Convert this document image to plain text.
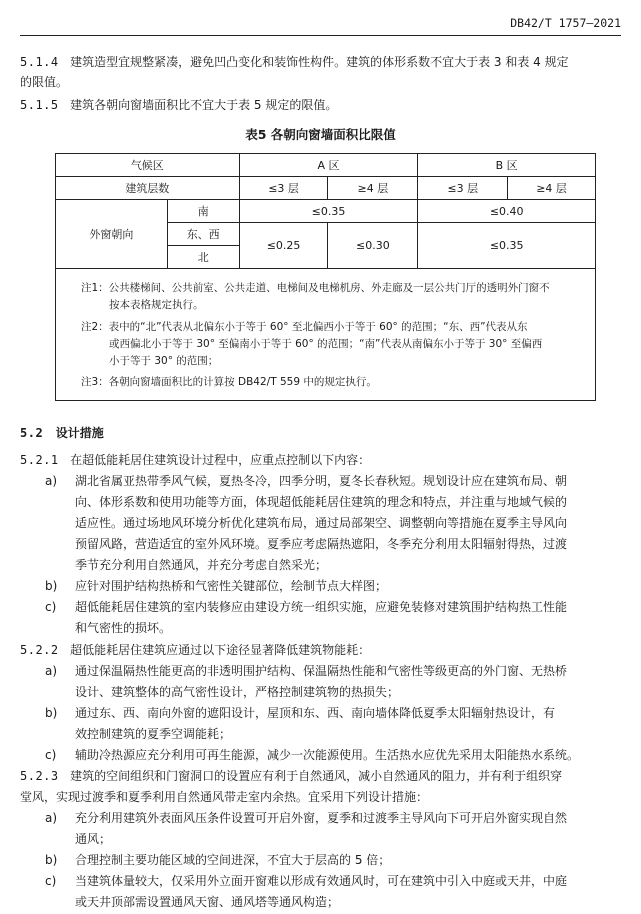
DB42/T 1757—2021
5.1.4 建筑造型宜规整紧凑，避免凹凸变化和装饰性构件。建筑的体形系数不宜大于表 3 和表 4 规定
的限值。
5.1.5 建筑各朝向窗墙面积比不宜大于表 5 规定的限值。
表5 各朝向窗墙面积比限值
气候区		A 区		B 区	
建筑层数		≤3 层	≥4 层	≤3 层	≥4 层
外窗朝向	南	≤0.35		≤0.40	
	东、西	≤0.25	≤0.30	≤0.35	
	北				
注1：公共楼梯间、公共前室、公共走道、电梯间及电梯机房、外走廊及一层公共门厅的透明外门窗不
按本表格规定执行。
注2：表中的“北”代表从北偏东小于等于 60° 至北偏西小于等于 60° 的范围；“东、西”代表从东
或西偏北小于等于 30° 至偏南小于等于 60° 的范围；“南”代表从南偏东小于等于 30° 至偏西
小于等于 30° 的范围；
注3：各朝向窗墙面积比的计算按 DB42/T 559 中的规定执行。
5.2 设计措施
5.2.1 在超低能耗居住建筑设计过程中，应重点控制以下内容：
a) 湖北省属亚热带季风气候，夏热冬冷，四季分明，夏冬长春秋短。规划设计应在建筑布局、朝
向、体形系数和使用功能等方面，体现超低能耗居住建筑的理念和特点，并注重与地域气候的
适应性。通过场地风环境分析优化建筑布局，通过局部架空、调整朝向等措施在夏季主导风向
预留风路，营造适宜的室外风环境。夏季应考虑隔热遮阳，冬季充分利用太阳辐射得热，过渡
季节充分利用自然通风，并充分考虑自然采光；
b) 应针对围护结构热桥和气密性关键部位，绘制节点大样图；
c) 超低能耗居住建筑的室内装修应由建设方统一组织实施，应避免装修对建筑围护结构热工性能
和气密性的损坏。
5.2.2 超低能耗居住建筑应通过以下途径显著降低建筑物能耗：
a) 通过保温隔热性能更高的非透明围护结构、保温隔热性能和气密性等级更高的外门窗、无热桥
设计、建筑整体的高气密性设计，严格控制建筑物的热损失；
b) 通过东、西、南向外窗的遮阳设计，屋顶和东、西、南向墙体降低夏季太阳辐射热设计，有
效控制建筑的夏季空调能耗；
c) 辅助冷热源应充分利用可再生能源，减少一次能源使用。生活热水应优先采用太阳能热水系统。
5.2.3 建筑的空间组织和门窗洞口的设置应有利于自然通风，减小自然通风的阻力，并有利于组织穿
堂风，实现过渡季和夏季利用自然通风带走室内余热。宜采用下列设计措施：
a) 充分利用建筑外表面风压条件设置可开启外窗，夏季和过渡季主导风向下可开启外窗实现自然
通风；
b) 合理控制主要功能区域的空间进深，不宜大于层高的 5 倍；
c) 当建筑体量较大，仅采用外立面开窗难以形成有效通风时，可在建筑中引入中庭或天井，中庭
或天井顶部需设置通风天窗、通风塔等通风构造；
